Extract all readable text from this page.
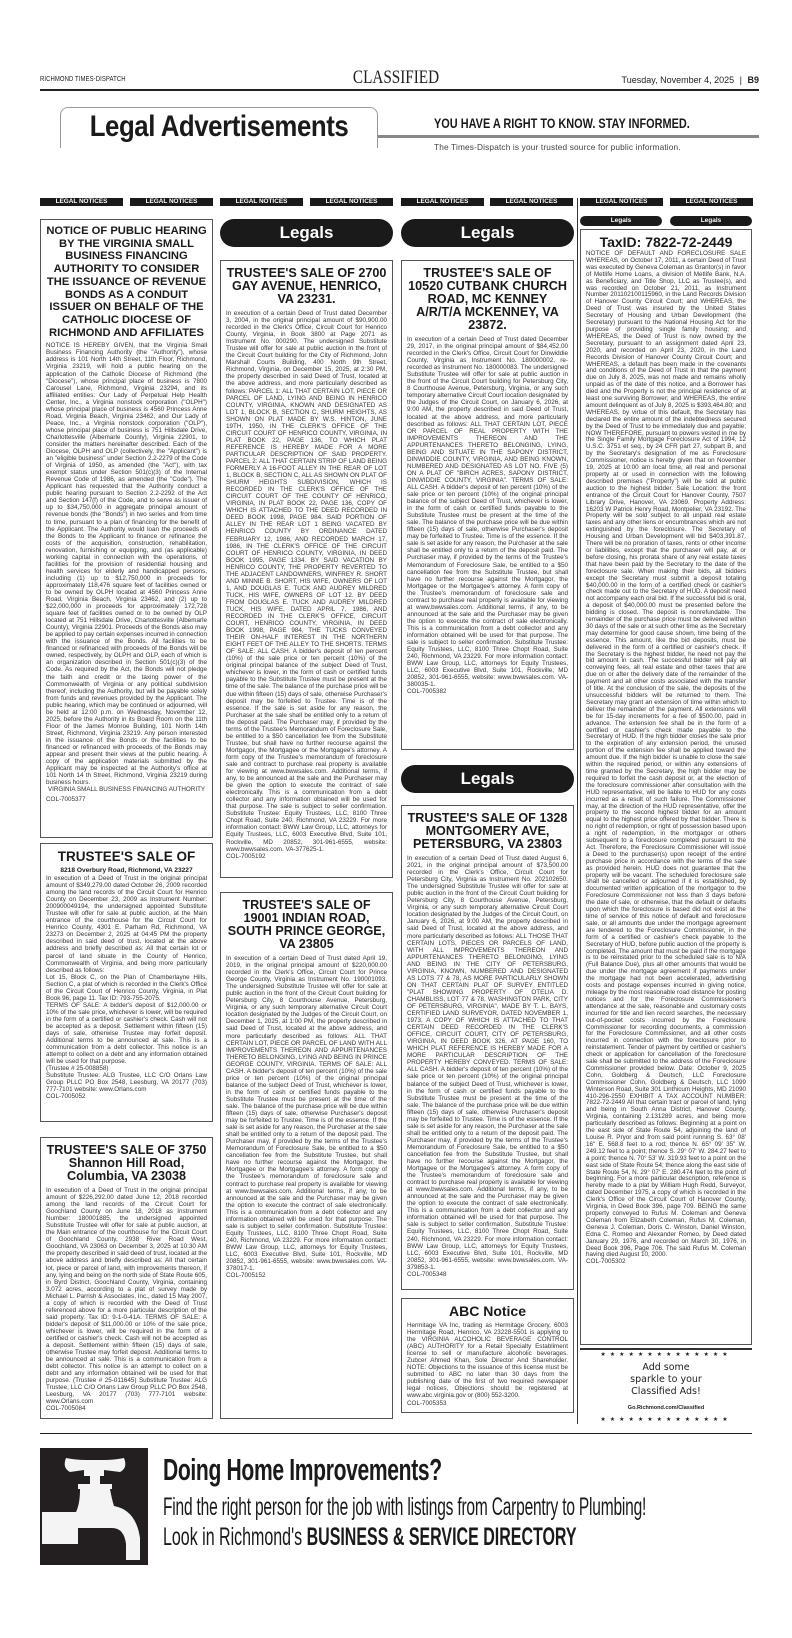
RICHMOND TIMES-DISPATCH	CLASSIFIED	Tuesday, November 4, 2025 | B9
Legal Advertisements	YOU HAVE A RIGHT TO KNOW. STAY INFORMED.
The Times-Dispatch is your trusted source for public information.
LEGAL NOTICES	LEGAL NOTICES	LEGAL NOTICES	LEGAL NOTICES	LEGAL NOTICES	LEGAL NOTICES	LEGAL NOTICES	LEGAL NOTICES
NOTICE OF PUBLIC HEARING BY THE VIRGINIA SMALL BUSINESS FINANCING AUTHORITY TO CONSIDER THE ISSUANCE OF REVENUE BONDS AS A CONDUIT ISSUER ON BEHALF OF THE CATHOLIC DIOCESE OF RICHMOND AND AFFILIATES

NOTICE IS HEREBY GIVEN, that the Virginia Small Business Financing Authority (the "Authority"), whose address is 101 North 14th Street, 11th Floor, Richmond, Virginia 23219, will hold a public hearing on the application of the Catholic Diocese of Richmond (the "Diocese"), whose principal place of business is 7800 Carousel Lane, Richmond, Virginia 23294, and its affiliated entities: Our Lady of Perpetual Help Health Center, Inc., a Virginia nonstock corporation ("OLPH") whose principal place of business is 4560 Princess Anne Road, Virginia Beach, Virginia 23462, and Our Lady of Peace, Inc., a Virginia nonstock corporation ("OLP"), whose principal place of business is 751 Hillsdale Drive, Charlottesville (Albemarle County), Virginia 22901, to consider the matters hereinafter described. Each of the Diocese, OLPH and OLP (collectively, the "Applicant") is an "eligible business" under Section 2.2-2279 of the Code of Virginia of 1950, as amended (the "Act"), with tax exempt status under Section 501(c)(3) of the Internal Revenue Code of 1986, as amended (the "Code"). The Applicant has requested that the Authority conduct a public hearing pursuant to Section 2.2-2292 of the Act and Section 147(f) of the Code, and to serve as issuer of up to $34,750,000 in aggregate principal amount of revenue bonds (the "Bonds") in two series and from time to time, pursuant to a plan of financing for the benefit of the Applicant. The Authority would loan the proceeds of the Bonds to the Applicant to finance or refinance the costs of the acquisition, construction, rehabilitation, renovation, furnishing or equipping, and (as applicable) working capital in connection with the operations, of facilities for the provision of residential housing and health services for elderly and handicapped persons, including (1) up to $12,750,000 in proceeds for approximately 118,476 square feet of facilities owned or to be owned by OLPH located at 4560 Princess Anne Road, Virginia Beach, Virginia 23462, and (2) up to $22,000,000 in proceeds for approximately 172,728 square feet of facilities owned or to be owned by OLP located at 751 Hillsdale Drive, Charlottesville (Albemarle County), Virginia 22901. Proceeds of the Bonds also may be applied to pay certain expenses incurred in connection with the issuance of the Bonds. All facilities to be financed or refinanced with proceeds of the Bonds will be owned, respectively, by OLPH and OLP, each of which is an organization described in Section 501(c)(3) of the Code. As required by the Act, the Bonds will not pledge the faith and credit or the taxing power of the Commonwealth of Virginia or any political subdivision thereof, including the Authority, but will be payable solely from funds and revenues provided by the Applicant. The public hearing, which may be continued or adjourned, will be held at 12:00 p.m. on Wednesday, November 12, 2025, before the Authority in its Board Room on the 11th Floor of the James Monroe Building, 101 North 14th Street, Richmond, Virginia 23219. Any person interested in the issuance of the Bonds or the facilities to be financed or refinanced with proceeds of the Bonds may appear and present their views at the public hearing. A copy of the application materials submitted by the Applicant may be inspected at the Authority's office at 101 North 14 th Street, Richmond, Virginia 23219 during business hours.

VIRGINIA SMALL BUSINESS FINANCING AUTHORITY

COL-7005377

TRUSTEE'S SALE OF
8218 Overbury Road, Richmond, VA 23227

In execution of a Deed of Trust in the original principal amount of $349,279.00 dated October 26, 2009 recorded among the land records of the Circuit Court for Henrico County on December 23, 2009 as Instrument Number: 200900049194, the undersigned appointed Substitute Trustee will offer for sale at public auction, at the Main entrance of the courthouse for the Circuit Court for Henrico County, 4301 E. Parham Rd, Richmond, VA 23273 on December 2, 2025 at 04:45 PM the property described in said deed of trust, located at the above address and briefly described as: All that certain lot or parcel of land situate in the County of Henrico, Commonwealth of Virginia, and being more particularly described as follows:

Lot 15, Block C, on the Plan of Chamberlayne Hills, Section C, a plat of which is recorded in the Clerk's Office of the Circuit Court of Henrico County, Virginia, in Plat Book 96, page 11. Tax ID: 793-755-2075.

TERMS OF SALE: A bidder's deposit of $12,000.00 or 10% of the sale price, whichever is lower, will be required in the form of a certified or cashier's check. Cash will not be accepted as a deposit. Settlement within fifteen (15) days of sale, otherwise Trustee may forfeit deposit. Additional terms to be announced at sale. This is a communication from a debt collector. This notice is an attempt to collect on a debt and any information obtained will be used for that purpose.

(Trustee # 25-008858)

Substitute Trustee: ALG Trustee, LLC C/O Orlans Law Group PLLC PO Box 2548, Leesburg, VA 20177 (703) 777-7101 website: www.Orlans.com

COL-7005052

TRUSTEE'S SALE OF 3750 Shannon Hill Road, Columbia, VA 23038

In execution of a Deed of Trust in the original principal amount of $226,292.00 dated June 12, 2018 recorded among the land records of the Circuit Court for Goochland County on June 18, 2018 as Instrument Number: 180001885, the undersigned appointed Substitute Trustee will offer for sale at public auction, at the Main entrance of the courthouse for the Circuit Court of Goochland County, 2938 River Road West, Goochland, VA 23063 on December 3, 2025 at 10:30 AM the property described in said deed of trust, located at the above address and briefly described as: All that certain lot, piece or parcel of land, with improvements thereon, if any, lying and being on the north side of State Route 605, in Byrd District, Goochland County, Virginia, containing 3.072 acres, according to a plat of survey made by Michael L. Parrish & Associates, Inc., dated 15 May 2007, a copy of which is recorded with the Deed of Trust referenced above for a more particular description of the said property. Tax ID: 9-1-0-41A. TERMS OF SALE: A bidder's deposit of $11,000.00 or 10% of the sale price, whichever is lower, will be required in the form of a certified or cashier's check. Cash will not be accepted as a deposit. Settlement within fifteen (15) days of sale, otherwise Trustee may forfeit deposit. Additional terms to be announced at sale. This is a communication from a debt collector. This notice is an attempt to collect on a debt and any information obtained will be used for that purpose. (Trustee # 25-011645) Substitute Trustee: ALG Trustee, LLC C/O Orlans Law Group PLLC PO Box 2548, Leesburg, VA 20177 (703) 777-7101 website: www.Orlans.com

COL-7005084

Legals
TRUSTEE'S SALE OF 2700 GAY AVENUE, HENRICO, VA 23231.

In execution of a certain Deed of Trust dated December 3, 2004, in the original principal amount of $90,900.00 recorded in the Clerk's Office, Circuit Court for Henrico County, Virginia, in Book 3800 at Page 2071 as Instrument No. 000290. The undersigned Substitute Trustee will offer for sale at public auction in the front of the Circuit Court building for the City of Richmond, John Marshall Courts Building, 400 North 9th Street, Richmond, Virginia, on December 15, 2025, at 2:30 PM, the property described in said Deed of Trust, located at the above address, and more particularly described as follows: PARCEL 1: ALL THAT CERTAIN LOT, PIECE OR PARCEL OF LAND, LYING AND BEING IN HENRICO COUNTY, VIRGINIA, KNOWN AND DESIGNATED AS LOT 1, BLOCK B, SECTION C, SHURM HEIGHTS, AS SHOWN ON PLAT MADE BY W.S. HINTON, JUNE 19TH, 1950, IN THE CLERK'S OFFICE OF THE CIRCUIT COURT OF HENRICO COUNTY, VIRGINIA, IN PLAT BOOK 22, PAGE 136, TO WHICH PLAT REFERENCE IS HEREBY MADE FOR A MORE PARTICULAR DESCRIPTION OF SAID PROPERTY. PARCEL 2: ALL THAT CERTAIN STRIP OF LAND BEING FORMERLY A 16-FOOT ALLEY IN THE REAR OF LOT 1, BLOCK B, SECTION C, ALL AS SHOWN ON PLAT OF SHURM HEIGHTS SUBDIVISION, WHICH IS RECORDED IN THE CLERK'S OFFICE OF THE CIRCUIT COURT OF THE COUNTY OF HENRICO, VIRGINIA, IN PLAT BOOK 22, PAGE 136, COPY OF WHICH IS ATTACHED TO THE DEED RECORDED IN DEED BOOK 1998, PAGE 984. SAID PORTION OF ALLEY IN THE REAR LOT 1 BEING VACATED BY HENRICO COUNTY BY ORDINANCE DATED FEBRUARY 12, 1986, AND RECORDED MARCH 17, 1986, IN THE CLERK'S OFFICE OF THE CIRCUIT COURT OF HENRICO COUNTY, VIRGINIA, IN DEED BOOK 1995, PAGE 1334. BY SAID VACATION BY HENRICO COUNTY, THE PROPERTY REVERTED TO THE ADJACENT LANDOWNERS, WINFREY R. SHORT AND MINNIE B. SHORT, HIS WIFE, OWNERS OF LOT 1, AND DOUGLAS E. TUCK AND AUDREY MILDRED TUCK, HIS WIFE, OWNERS OF LOT 12. BY DEED FROM DOUGLAS E. TUCK AND AUDREY MILDRED TUCK, HIS WIFE, DATED APRIL 7, 1986, AND RECORDED IN THE CLERK'S OFFICE, CIRCUIT COURT, HENRICO COUNTY, VIRGINIA, IN DEED BOOK 1998, PAGE 984, THE TUCKS CONVEYED THEIR ON-HALF INTEREST IN THE NORTHERN EIGHT FEET OF THE ALLEY TO THE SHORTS. TERMS OF SALE: ALL CASH. A bidder's deposit of ten percent (10%) of the sale price or ten percent (10%) of the original principal balance of the subject Deed of Trust, whichever is lower, in the form of cash or certified funds payable to the Substitute Trustee must be present at the time of the sale. The balance of the purchase price will be due within fifteen (15) days of sale, otherwise Purchaser's deposit may be forfeited to Trustee. Time is of the essence. If the sale is set aside for any reason, the Purchaser at the sale shall be entitled only to a return of the deposit paid. The Purchaser may, if provided by the terms of the Trustee's Memorandum of Foreclosure Sale, be entitled to a $50 cancellation fee from the Substitute Trustee, but shall have no further recourse against the Mortgagor, the Mortgagee or the Mortgagee's attorney. A form copy of the Trustee's memorandum of foreclosure sale and contract to purchase real property is available for viewing at www.bwwsales.com. Additional terms, if any, to be announced at the sale and the Purchaser may be given the option to execute the contract of sale electronically. This is a communication from a debt collector and any information obtained will be used for that purpose. The sale is subject to seller confirmation. Substitute Trustee: Equity Trustees, LLC, 8100 Three Chopt Road, Suite 240, Richmond, VA 23229. For more information contact: BWW Law Group, LLC, attorneys for Equity Trustees, LLC, 6003 Executive Blvd, Suite 101, Rockville, MD 20852, 301-961-6555, website: www.bwwsales.com. VA-377625-1.

COL-7005192

TRUSTEE'S SALE OF 19001 INDIAN ROAD, SOUTH PRINCE GEORGE, VA 23805

In execution of a certain Deed of Trust dated April 19, 2019, in the original principal amount of $220,000.00 recorded in the Clerk's Office, Circuit Court for Prince George County, Virginia as Instrument No. 190001093. The undersigned Substitute Trustee will offer for sale at public auction in the front of the Circuit Court building for Petersburg City, 8 Courthouse Avenue, Petersburg, Virginia, or any such temporary alternative Circuit Court location designated by the Judges of the Circuit Court, on December 1, 2025, at 1:00 PM, the property described in said Deed of Trust, located at the above address, and more particularly described as follows: ALL THAT CERTAIN LOT, PIECE OR PARCEL OF LAND WITH ALL IMPROVEMENTS THEREON AND APPURTENANCES THERETO BELONGING, LYING AND BEING IN PRINCE GEORGE COUNTY, VIRGINIA. TERMS OF SALE: ALL CASH. A bidder's deposit of ten percent (10%) of the sale price or ten percent (10%) of the original principal balance of the subject Deed of Trust, whichever is lower, in the form of cash or certified funds payable to the Substitute Trustee must be present at the time of the sale. The balance of the purchase price will be due within fifteen (15) days of sale, otherwise Purchaser's deposit may be forfeited to Trustee. Time is of the essence. If the sale is set aside for any reason, the Purchaser at the sale shall be entitled only to a return of the deposit paid. The Purchaser may, if provided by the terms of the Trustee's Memorandum of Foreclosure Sale, be entitled to a $50 cancellation fee from the Substitute Trustee, but shall have no further recourse against the Mortgagor, the Mortgagee or the Mortgagee's attorney. A form copy of the Trustee's memorandum of foreclosure sale and contract to purchase real property is available for viewing at www.bwwsales.com. Additional terms, if any, to be announced at the sale and the Purchaser may be given the option to execute the contract of sale electronically. This is a communication from a debt collector and any information obtained will be used for that purpose. The sale is subject to seller confirmation. Substitute Trustee: Equity Trustees, LLC, 8100 Three Chopt Road, Suite 240, Richmond, VA 23229. For more information contact: BWW Law Group, LLC, attorneys for Equity Trustees, LLC, 6003 Executive Blvd, Suite 101, Rockville, MD 20852, 301-961-6555, website: www.bwwsales.com. VA-378017-1.

COL-7005152

Legals
TRUSTEE'S SALE OF 10520 CUTBANK CHURCH ROAD, MC KENNEY A/R/T/A MCKENNEY, VA 23872.

In execution of a certain Deed of Trust dated December 29, 2017, in the original principal amount of $84,452.00 recorded in the Clerk's Office, Circuit Court for Dinwiddie County, Virginia as Instrument No. 180000002, re-recorded as Instrument No. 180000083. The undersigned Substitute Trustee will offer for sale at public auction in the front of the Circuit Court building for Petersburg City, 8 Courthouse Avenue, Petersburg, Virginia, or any such temporary alternative Circuit Court location designated by the Judges of the Circuit Court, on January 6, 2026, at 9:00 AM, the property described in said Deed of Trust, located at the above address, and more particularly described as follows: ALL THAT CERTAIN LOT, PIECE OR PARCEL OF REAL PROPERTY WITH THE IMPROVEMENTS THEREON AND THE APPURTENANCES THERETO BELONGING, LYING, BEING AND SITUATE IN THE SAPONY DISTRICT, DINWIDDIE COUNTY, VIRGINIA, AND BEING KNOWN, NUMBERED AND DESIGNATED AS LOT NO. FIVE (5) ON A PLAT OF "BIRCH ACRES, SAPONY DISTRICT, DINWIDDIE COUNTY, VIRGINIA". TERMS OF SALE: ALL CASH. A bidder's deposit of ten percent (10%) of the sale price or ten percent (10%) of the original principal balance of the subject Deed of Trust, whichever is lower, in the form of cash or certified funds payable to the Substitute Trustee must be present at the time of the sale. The balance of the purchase price will be due within fifteen (15) days of sale, otherwise Purchaser's deposit may be forfeited to Trustee. Time is of the essence. If the sale is set aside for any reason, the Purchaser at the sale shall be entitled only to a return of the deposit paid. The Purchaser may, if provided by the terms of the Trustee's Memorandum of Foreclosure Sale, be entitled to a $50 cancellation fee from the Substitute Trustee, but shall have no further recourse against the Mortgagor, the Mortgagee or the Mortgagee's attorney. A form copy of the Trustee's memorandum of foreclosure sale and contract to purchase real property is available for viewing at www.bwwsales.com. Additional terms, if any, to be announced at the sale and the Purchaser may be given the option to execute the contract of sale electronically. This is a communication from a debt collector and any information obtained will be used for that purpose. The sale is subject to seller confirmation. Substitute Trustee: Equity Trustees, LLC, 8100 Three Chopt Road, Suite 240, Richmond, VA 23229. For more information contact: BWW Law Group, LLC, attorneys for Equity Trustees, LLC, 6003 Executive Blvd, Suite 101, Rockville, MD 20852, 301-961-6555, website: www.bwwsales.com. VA-380035-1.

COL-7005382

Legals
TRUSTEE'S SALE OF 1328 MONTGOMERY AVE, PETERSBURG, VA 23803

In execution of a certain Deed of Trust dated August 6, 2021, in the original principal amount of $73,500.00 recorded in the Clerk's Office, Circuit Court for Petersburg City, Virginia as Instrument No. 202102650. The undersigned Substitute Trustee will offer for sale at public auction in the front of the Circuit Court building for Petersburg City, 8 Courthouse Avenue, Petersburg, Virginia, or any such temporary alternative Circuit Court location designated by the Judges of the Circuit Court, on January 6, 2026, at 9:00 AM, the property described in said Deed of Trust, located at the above address, and more particularly described as follows: ALL THOSE THAT CERTAIN LOTS, PIECES OR PARCELS OF LAND, WITH ALL IMPROVEMENTS THEREON AND APPURTENANCES THERETO BELONGING, LYING AND BEING IN THE CITY OF PETERSBURG, VIRGINIA, KNOWN, NUMBERED AND DESIGNATED AS LOTS 77 & 78, AS MORE PARTICULARLY SHOWN ON THAT CERTAIN PLAT OF SURVEY ENTITLED "PLAT SHOWING PROPERTY OF OTELIA D. CHAMBLISS, LOT 77 & 78, WASHINGTON PARK, CITY OF PETERSBURG, VIRGINIA", MADE BY T. L. BAYS, CERTIFIED LAND SURVEYOR, DATED NOVEMBER 1, 1973, A COPY OF WHICH IS ATTACHED TO THAT CERTAIN DEED RECORDED IN THE CLERK'S OFFICE, CIRCUIT COURT, CITY OF PETERSBURG, VIRGINIA, IN DEED BOOK 326, AT PAGE 160, TO WHICH PLAT REFERENCE IS HEREBY MADE FOR A MORE PARTICULAR DESCRIPTION OF THE PROPERTY HEREBY CONVEYED. TERMS OF SALE: ALL CASH. A bidder's deposit of ten percent (10%) of the sale price or ten percent (10%) of the original principal balance of the subject Deed of Trust, whichever is lower, in the form of cash or certified funds payable to the Substitute Trustee must be present at the time of the sale. The balance of the purchase price will be due within fifteen (15) days of sale, otherwise Purchaser's deposit may be forfeited to Trustee. Time is of the essence. If the sale is set aside for any reason, the Purchaser at the sale shall be entitled only to a return of the deposit paid. The Purchaser may, if provided by the terms of the Trustee's Memorandum of Foreclosure Sale, be entitled to a $50 cancellation fee from the Substitute Trustee, but shall have no further recourse against the Mortgagor, the Mortgagee or the Mortgagee's attorney. A form copy of the Trustee's memorandum of foreclosure sale and contract to purchase real property is available for viewing at www.bwwsales.com. Additional terms, if any, to be announced at the sale and the Purchaser may be given the option to execute the contract of sale electronically. This is a communication from a debt collector and any information obtained will be used for that purpose. The sale is subject to seller confirmation. Substitute Trustee: Equity Trustees, LLC, 8100 Three Chopt Road, Suite 240, Richmond, VA 23229. For more information contact: BWW Law Group, LLC, attorneys for Equity Trustees, LLC, 6003 Executive Blvd, Suite 101, Rockville, MD 20852, 301-961-6555, website: www.bwwsales.com. VA-379853-1.

COL-7005348

ABC Notice

Hermitage VA Inc, trading as Hermitage Grocery, 6003 Hermitage Road, Henrico, VA 23228-5501 is applying to the VIRGINIA ALCOHOLIC BEVERAGE CONTROL (ABC) AUTHORITY for a Retail Specialty Establiment license to sell or manufacture alcoholic beverages. Zubcer Ahmed Khan, Sole Director And Shareholder. NOTE: Objections to the issuance of this license must be submitted to ABC no later than 30 days from the publishing date of the first of two required newspaper legal notices, Objections should be registered at www.abc.virginia.gov or (800) 552-3200.

COL-7005353

Legals	Legals
TaxID: 7822-72-2449

NOTICE OF DEFAULT AND FORECLOSURE SALE WHEREAS, on October 17, 2011, a certain Deed of Trust was executed by Geneva Coleman as Grantor(s) in favor of Metlife Home Loans, a division of Metlife Bank, N.A. as Beneficiary, and Title Shop, LLC as Trustee(s), and was recorded on October 21, 2011, as Instrument Number 201102100115960, in the Land Records Division of Hanover County Circuit Court; and WHEREAS, the Deed of Trust was insured by the United States Secretary of Housing and Urban Development (the Secretary) pursuant to the National Housing Act for the purpose of providing single family housing; and WHEREAS, the Deed of Trust is now owned by the Secretary, pursuant to an assignment dated April 23, 2020, and recorded on April 23, 2020, in the Land Records Division of Hanover County Circuit Court; and WHEREAS, a default has been made in the covenants and conditions of the Deed of Trust in that the payment due on July 8, 2025, was not made and remains wholly unpaid as of the date of this notice, and a Borrower has died and the Property is not the principal residence of at least one surviving Borrower; and WHEREAS, the entire amount delinquent as of July 8, 2025 is $393,464.80; and WHEREAS, by virtue of this default, the Secretary has declared the entire amount of the indebtedness secured by the Deed of Trust to be immediately due and payable; NOW THEREFORE, pursuant to powers vested in me by the Single Family Mortgage Foreclosure Act of 1994, 12 U.S.C. 3751 et seq., by 24 CFR part 27, subpart B, and by the Secretary's designation of me as Foreclosure Commissioner, notice is hereby given that on November 19, 2025 at 10:00 am local time, all real and personal property at or used in connection with the following described premises ("Property") will be sold at public auction to the highest bidder. Sale Location: the front entrance of the Circuit Court for Hanover County, 7507 Library Drive, Hanover, VA 23069. Property Address: 16203 W Patrick Henry Road, Montpelier, VA 23192. The Property will be sold subject to all unpaid real estate taxes and any other liens or encumbrances which are not extinguished by the foreclosure. The Secretary of Housing and Urban Development will bid $403,391.87. There will be no proration of taxes, rents or other income or liabilities, except that the purchaser will pay, at or before closing, his prorata share of any real estate taxes that have been paid by the Secretary to the date of the foreclosure sale. When making their bids, all bidders except the Secretary must submit a deposit totaling $40,000.00 in the form of a certified check or cashier's check made out to the Secretary of HUD. A deposit need not accompany each oral bid. If the successful bid is oral, a deposit of $40,000.00 must be presented before the bidding is closed. The deposit is nonrefundable. The remainder of the purchase price must be delivered within 30 days of the sale or at such other time as the Secretary may determine for good cause shown, time being of the essence. This amount, like the bid deposits, must be delivered in the form of a certified or cashier's check. If the Secretary is the highest bidder, he need not pay the bid amount in cash. The successful bidder will pay all conveying fees, all real estate and other taxes that are due on or after the delivery date of the remainder of the payment and all other costs associated with the transfer of title. At the conclusion of the sale, the deposits of the unsuccessful bidders will be returned to them. The Secretary may grant an extension of time within which to deliver the remainder of the payment. All extensions will be for 15-day increments for a fee of $500.00, paid in advance. The extension fee shall be in the form of a certified or cashier's check made payable to the Secretary of HUD. If the high bidder closes the sale prior to the expiration of any extension period, the unused portion of the extension fee shall be applied toward the amount due. If the high bidder is unable to close the sale within the required period, or within any extensions of time granted by the Secretary, the high bidder may be required to forfeit the cash deposit or, at the election of the foreclosure commissioner after consultation with the HUD representative, will be liable to HUD for any costs incurred as a result of such failure. The Commissioner may, at the direction of the HUD representative, offer the property to the second highest bidder for an amount equal to the highest price offered by that bidder. There is no right of redemption, or right of possession based upon a right of redemption, in the mortgagor or others subsequent to a foreclosure completed pursuant to the Act. Therefore, the Foreclosure Commissioner will issue a Deed to the purchaser(s) upon receipt of the entire purchase price in accordance with the terms of the sale as provided herein. HUD does not guarantee that the property will be vacant. The scheduled foreclosure sale shall be cancelled or adjourned if it is established, by documented written application of the mortgagor to the Foreclosure Commissioner not less than 3 days before the date of sale, or otherwise, that the default or defaults upon which the foreclosure is based did not exist at the time of service of this notice of default and foreclosure sale, or all amounts due under the mortgage agreement are tendered to the Foreclosure Commissioner, in the form of a certified or cashier's check payable to the Secretary of HUD, before public auction of the property is completed. The amount that must be paid if the mortgage is to be reinstated prior to the scheduled sale is to N/A (Full Balance Due), plus all other amounts that would be due under the mortgage agreement if payments under the mortgage had not been accelerated, advertising costs and postage expenses incurred in giving notice, mileage by the most reasonable road distance for posting notices and for the Foreclosure Commissioner's attendance at the sale, reasonable and customary costs incurred for title and lien record searches, the necessary out-of-pocket costs incurred by the Foreclosure Commissioner for recording documents, a commission for the Foreclosure Commissioner, and all other costs incurred in connection with the foreclosure prior to reinstatement. Tender of payment by certified or cashier's check or application for cancellation of the foreclosure sale shall be submitted to the address of the Foreclosure Commissioner provided below. Date: October 9, 2025 Cohn, Goldberg & Deutsch, LLC Foreclosure Commissioner Cohn, Goldberg & Deutsch, LLC 1099 Winterson Road, Suite 301 Linthicum Heights, MD 21090 410-296-2550 EXHIBIT A TAX ACCOUNT NUMBER: 7822-72-2449 All that certain tract or parcel of land, lying and being in South Anna District, Hanover County, Virginia, containing 2.131289 acres, and being more particularly described as follows: Beginning at a point on the east side of State Route 54, adjoining the land of Louise R. Pryor and from said point running S. 63° 08' 16" E. 568.8 feet to a rod; thence N. 65° 09' 35" W. 249.12 feet to a point; thence S. 29° 07' W. 284.27 feet to a point; thence N. 70° 53' W. 319.93 feet to a point on the east side of State Route 54; thence along the east side of State Route 54, N. 29° 07' E. 280.474 feet to the point of beginning. For a more particular description, reference is hereby made to a plat by William Hugh Redd, Surveyor, dated December 1975, a copy of which is recorded in the Clerk's Office of the Circuit Court of Hanover County, Virginia, in Deed Book 396, page 709. BEING the same property conveyed to Rufus M. Coleman and Geneva Coleman from Elizabeth Coleman, Rufus M. Coleman, Geneva J. Coleman, Doris C. Winston, Daniel Winston, Edna C. Romeo and Alexander Romeo, by Deed dated January 29, 1976, and recorded on March 30, 1976, in Deed Book 396, Page 706. The said Rufus M. Coleman having died August 10, 2000.

COL-7005302

★★★★★★★★★★★★★★
Add some
sparkle to your
Classified Ads!
Go.Richmond.com/Classified
★★★★★★★★★★★★★★
Doing Home Improvements?
Find the right person for the job with listings from Carpentry to Plumbing!
Look in Richmond's BUSINESS & SERVICE DIRECTORY
